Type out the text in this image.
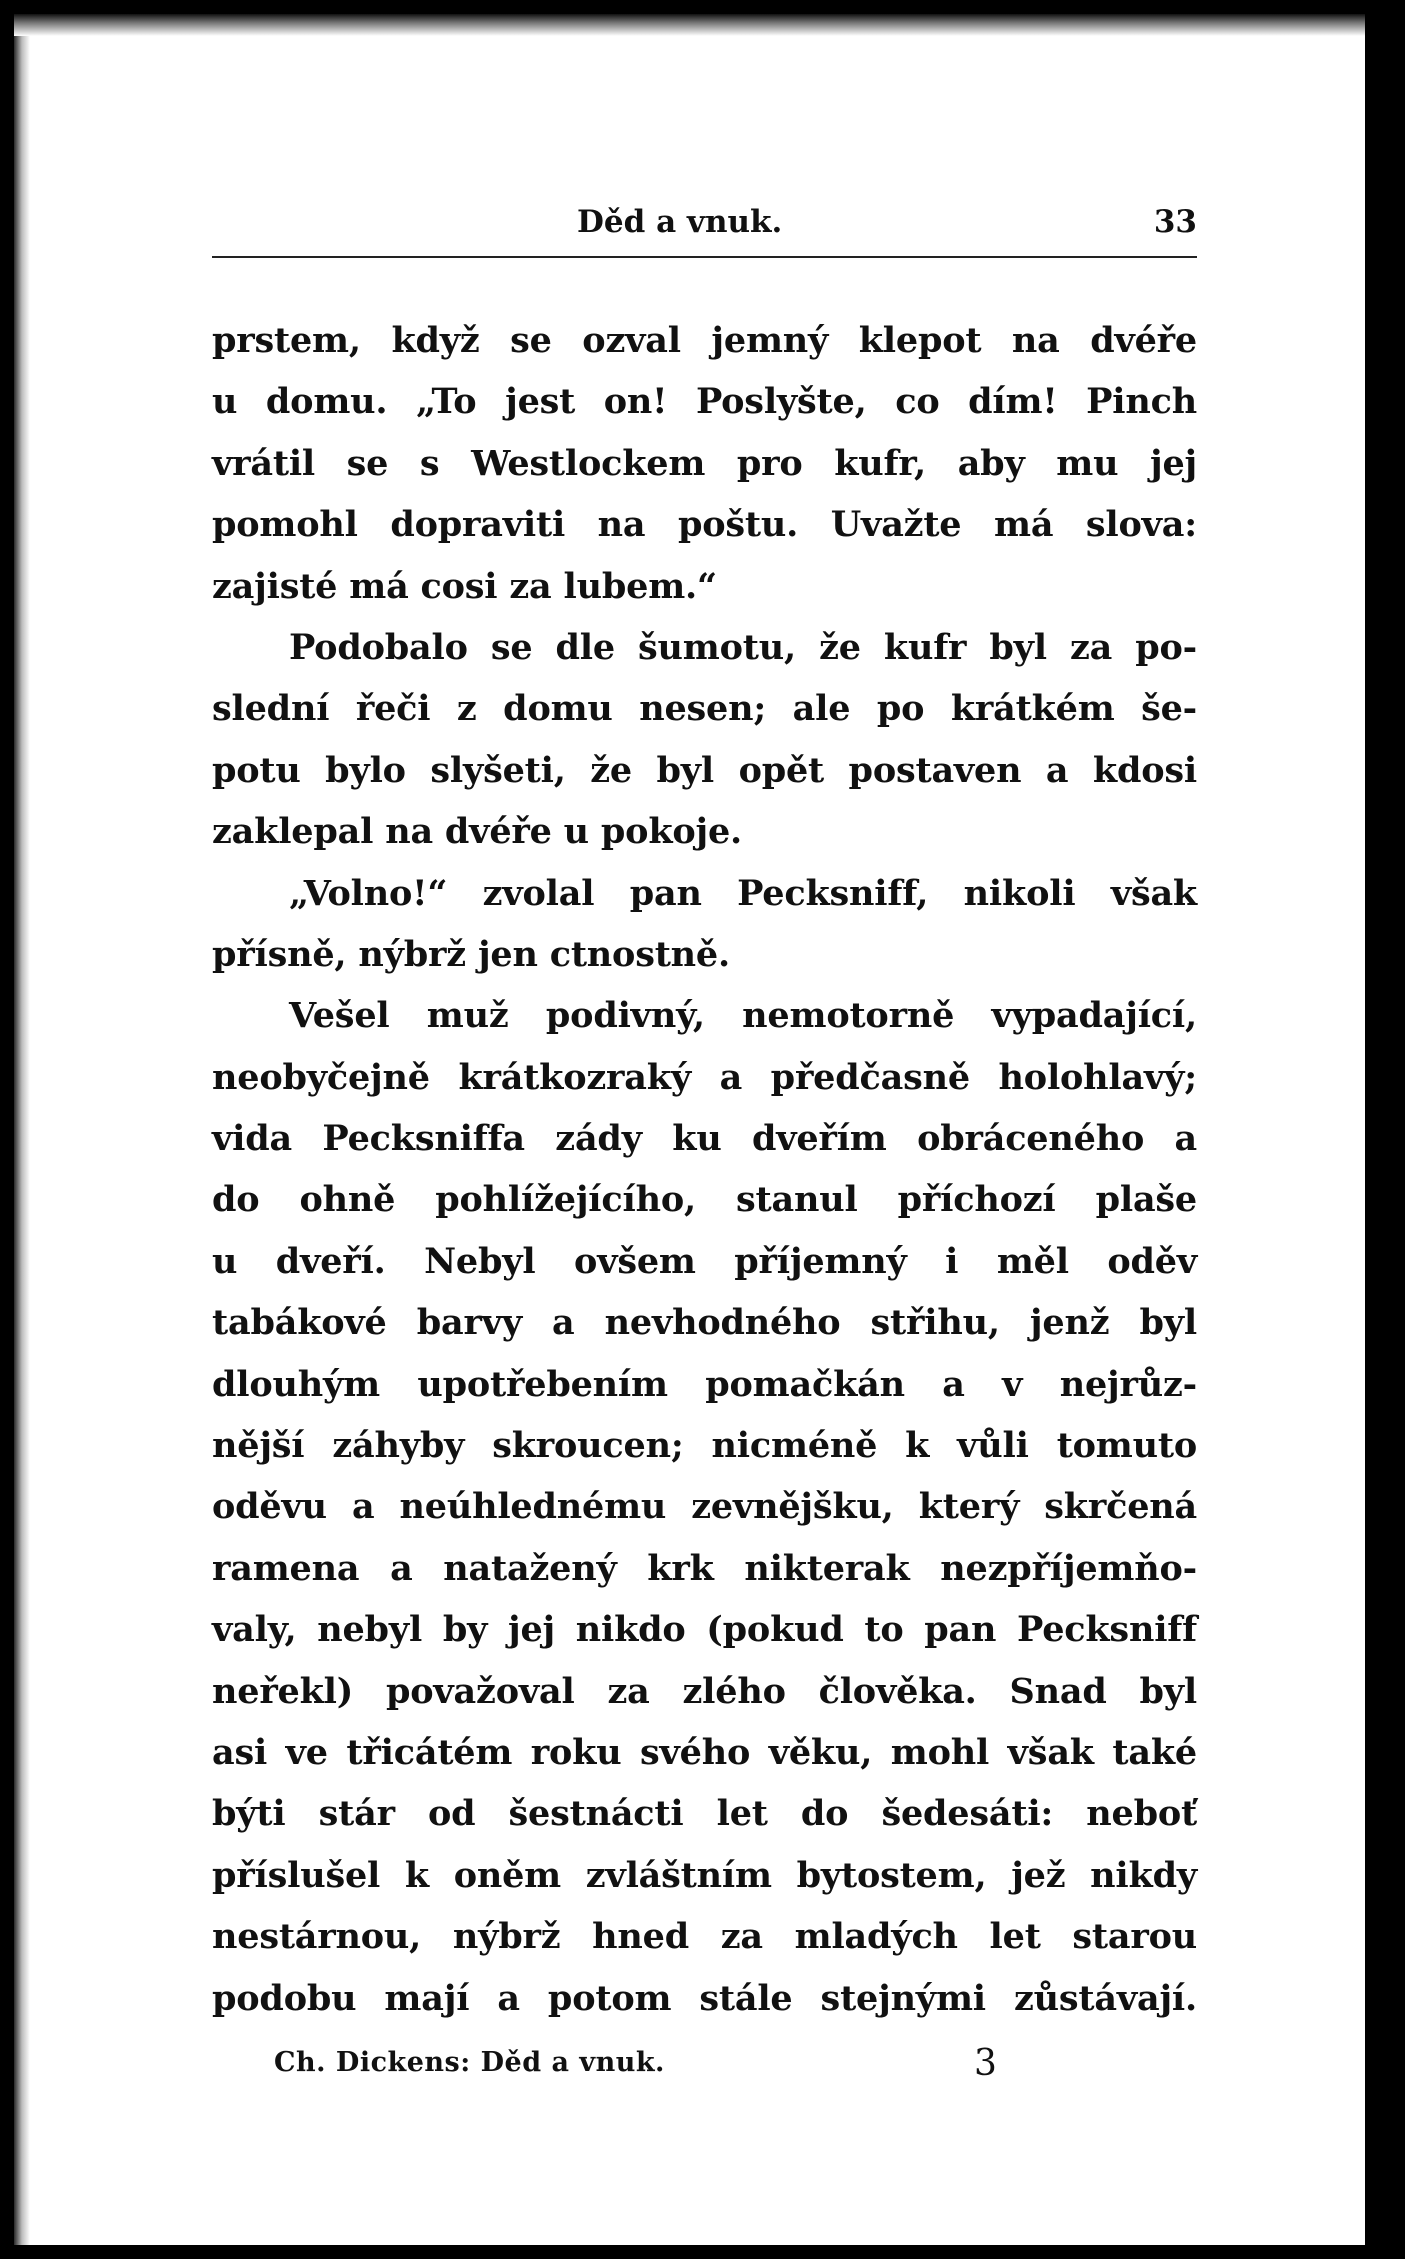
Děd a vnuk.	33
prstem, když se ozval jemný klepot na dvéře
u domu. „To jest on! Poslyšte, co dím! Pinch
vrátil se s Westlockem pro kufr, aby mu jej
pomohl dopraviti na poštu. Uvažte má slova:
zajisté má cosi za lubem.“
Podobalo se dle šumotu, že kufr byl za po-
slední řeči z domu nesen; ale po krátkém še-
potu bylo slyšeti, že byl opět postaven a kdosi
zaklepal na dvéře u pokoje.
„Volno!“ zvolal pan Pecksniff, nikoli však
přísně, nýbrž jen ctnostně.
Vešel muž podivný, nemotorně vypadající,
neobyčejně krátkozraký a předčasně holohlavý;
vida Pecksniffa zády ku dveřím obráceného a
do ohně pohlížejícího, stanul příchozí plaše
u dveří. Nebyl ovšem příjemný i měl oděv
tabákové barvy a nevhodného střihu, jenž byl
dlouhým upotřebením pomačkán a v nejrůz-
nější záhyby skroucen; nicméně k vůli tomuto
oděvu a neúhlednému zevnějšku, který skrčená
ramena a natažený krk nikterak nezpříjemňo-
valy, nebyl by jej nikdo (pokud to pan Pecksniff
neřekl) považoval za zlého člověka. Snad byl
asi ve třicátém roku svého věku, mohl však také
býti stár od šestnácti let do šedesáti: neboť
příslušel k oněm zvláštním bytostem, jež nikdy
nestárnou, nýbrž hned za mladých let starou
podobu mají a potom stále stejnými zůstávají.
Ch. Dickens: Děd a vnuk.	3
